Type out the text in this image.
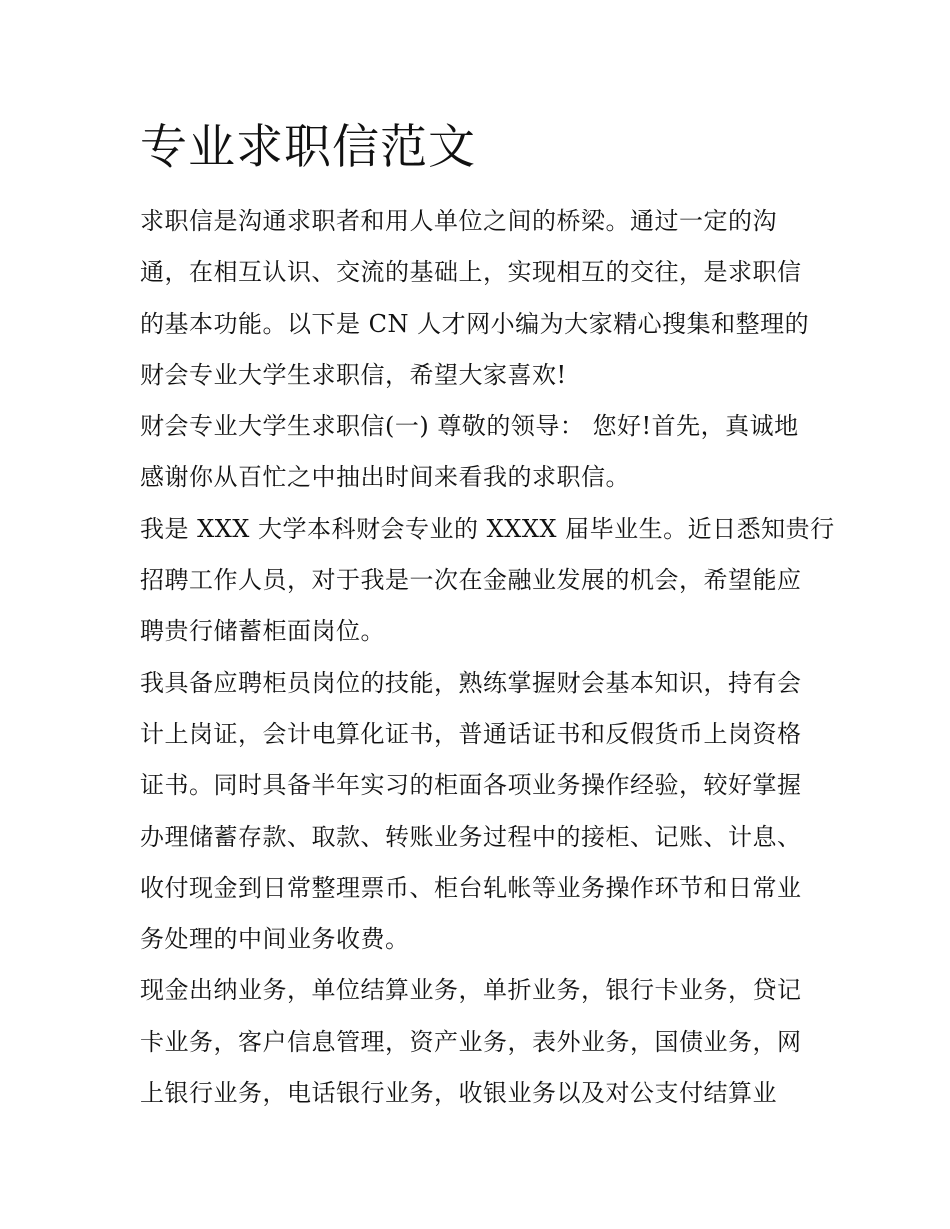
专业求职信范文
求职信是沟通求职者和用人单位之间的桥梁。通过一定的沟
通，在相互认识、交流的基础上，实现相互的交往，是求职信
的基本功能。以下是 CN 人才网小编为大家精心搜集和整理的
财会专业大学生求职信，希望大家喜欢!
财会专业大学生求职信(一) 尊敬的领导： 您好!首先，真诚地
感谢你从百忙之中抽出时间来看我的求职信。
我是 XXX 大学本科财会专业的 XXXX 届毕业生。近日悉知贵行
招聘工作人员，对于我是一次在金融业发展的机会，希望能应
聘贵行储蓄柜面岗位。
我具备应聘柜员岗位的技能，熟练掌握财会基本知识，持有会
计上岗证，会计电算化证书，普通话证书和反假货币上岗资格
证书。同时具备半年实习的柜面各项业务操作经验，较好掌握
办理储蓄存款、取款、转账业务过程中的接柜、记账、计息、
收付现金到日常整理票币、柜台轧帐等业务操作环节和日常业
务处理的中间业务收费。
现金出纳业务，单位结算业务，单折业务，银行卡业务，贷记
卡业务，客户信息管理，资产业务，表外业务，国债业务，网
上银行业务，电话银行业务，收银业务以及对公支付结算业
